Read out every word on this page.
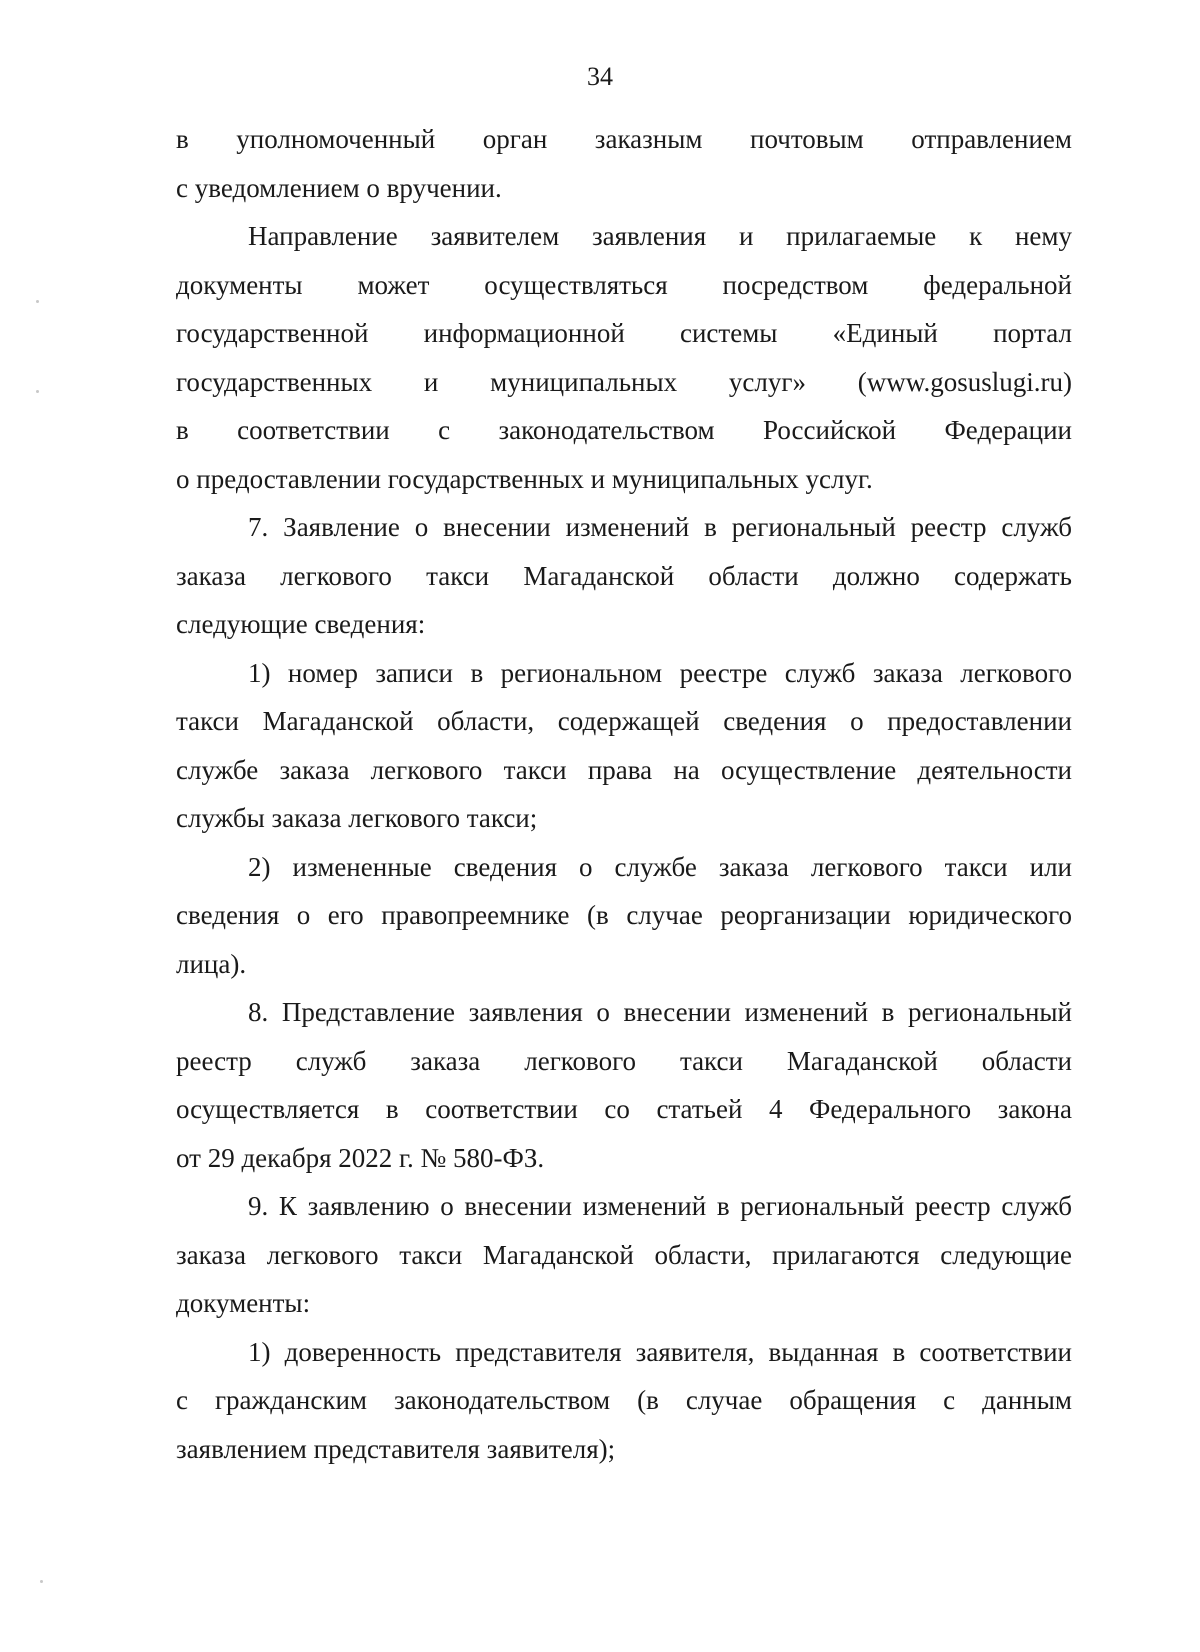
34
в уполномоченный орган заказным почтовым отправлением
с уведомлением о вручении.
Направление заявителем заявления и прилагаемые к нему
документы может осуществляться посредством федеральной
государственной информационной системы «Единый портал
государственных и муниципальных услуг» (www.gosuslugi.ru)
в соответствии с законодательством Российской Федерации
о предоставлении государственных и муниципальных услуг.
7. Заявление о внесении изменений в региональный реестр служб
заказа легкового такси Магаданской области должно содержать
следующие сведения:
1) номер записи в региональном реестре служб заказа легкового
такси Магаданской области, содержащей сведения о предоставлении
службе заказа легкового такси права на осуществление деятельности
службы заказа легкового такси;
2) измененные сведения о службе заказа легкового такси или
сведения о его правопреемнике (в случае реорганизации юридического
лица).
8. Представление заявления о внесении изменений в региональный
реестр служб заказа легкового такси Магаданской области
осуществляется в соответствии со статьей 4 Федерального закона
от 29 декабря 2022 г. № 580-ФЗ.
9. К заявлению о внесении изменений в региональный реестр служб
заказа легкового такси Магаданской области, прилагаются следующие
документы:
1) доверенность представителя заявителя, выданная в соответствии
с гражданским законодательством (в случае обращения с данным
заявлением представителя заявителя);
